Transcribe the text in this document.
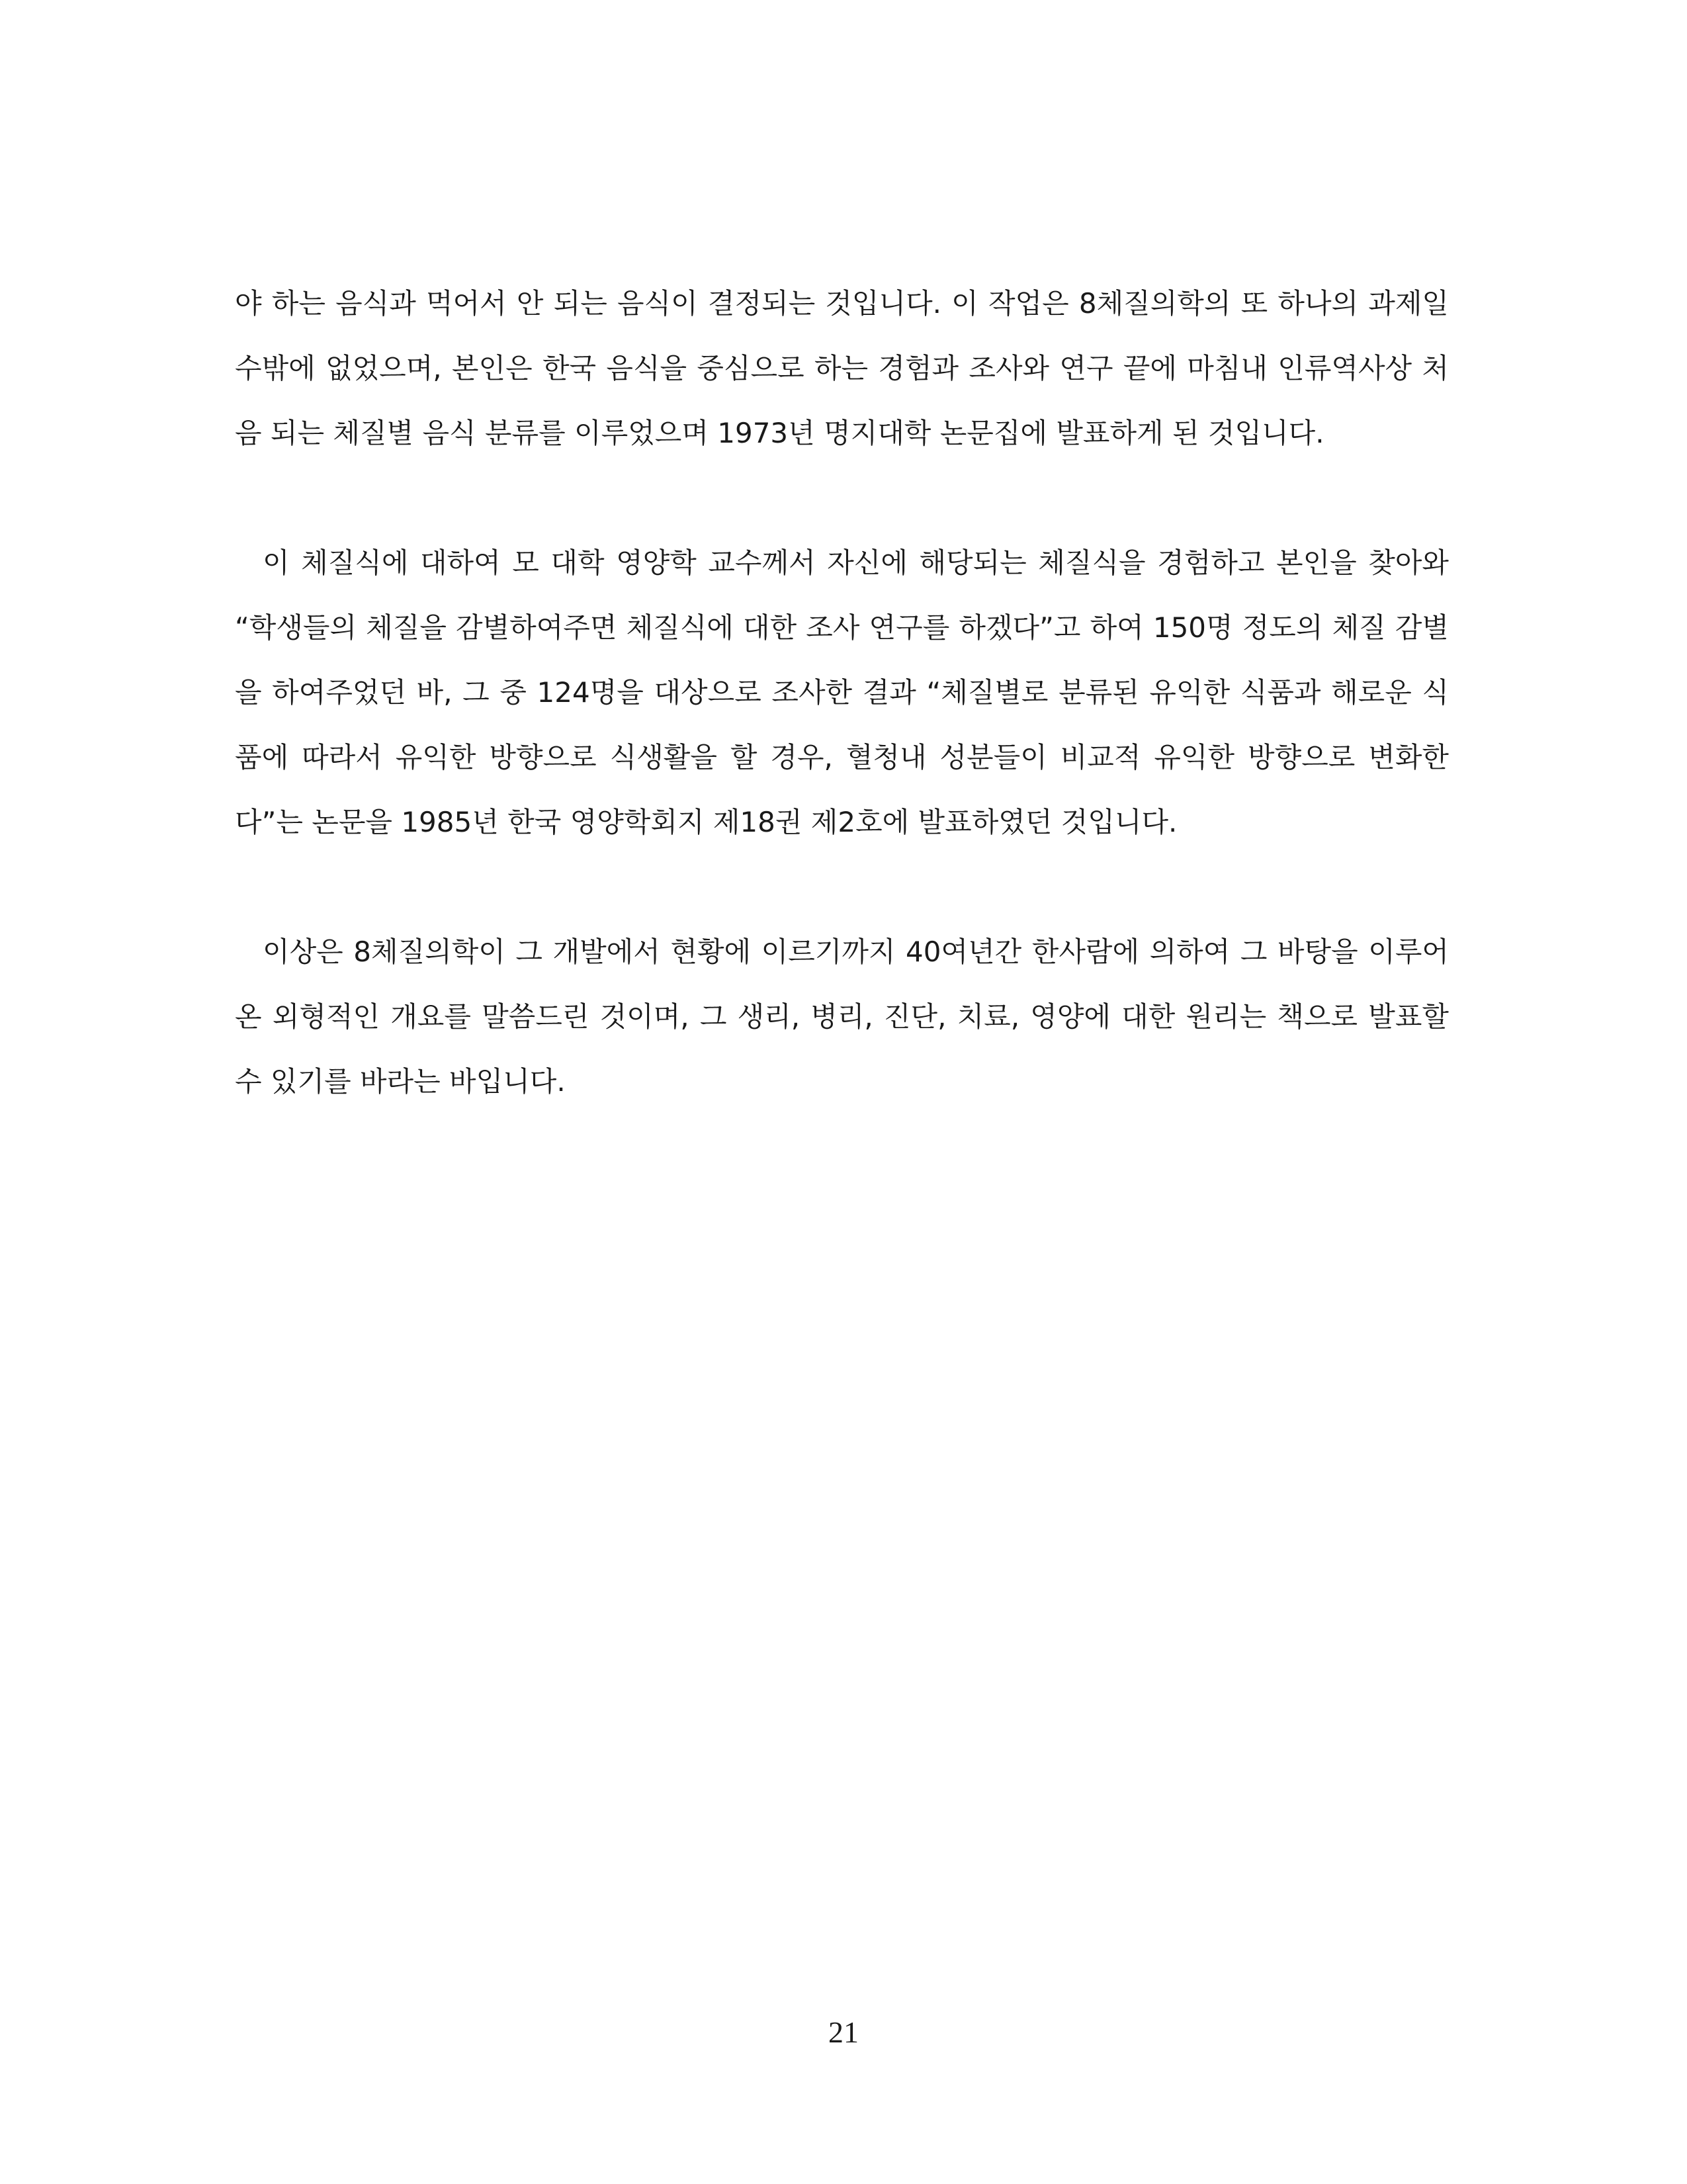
야 하는 음식과 먹어서 안 되는 음식이 결정되는 것입니다. 이 작업은 8체질의학의 또 하나의 과제일 수밖에 없었으며, 본인은 한국 음식을 중심으로 하는 경험과 조사와 연구 끝에 마침내 인류역사상 처음 되는 체질별 음식 분류를 이루었으며 1973년 명지대학 논문집에 발표하게 된 것입니다.

이 체질식에 대하여 모 대학 영양학 교수께서 자신에 해당되는 체질식을 경험하고 본인을 찾아와 “학생들의 체질을 감별하여주면 체질식에 대한 조사 연구를 하겠다”고 하여 150명 정도의 체질 감별을 하여주었던 바, 그 중 124명을 대상으로 조사한 결과 “체질별로 분류된 유익한 식품과 해로운 식품에 따라서 유익한 방향으로 식생활을 할 경우, 혈청내 성분들이 비교적 유익한 방향으로 변화한다”는 논문을 1985년 한국 영양학회지 제18권 제2호에 발표하였던 것입니다.

이상은 8체질의학이 그 개발에서 현황에 이르기까지 40여년간 한사람에 의하여 그 바탕을 이루어 온 외형적인 개요를 말씀드린 것이며, 그 생리, 병리, 진단, 치료, 영양에 대한 원리는 책으로 발표할 수 있기를 바라는 바입니다.

21
